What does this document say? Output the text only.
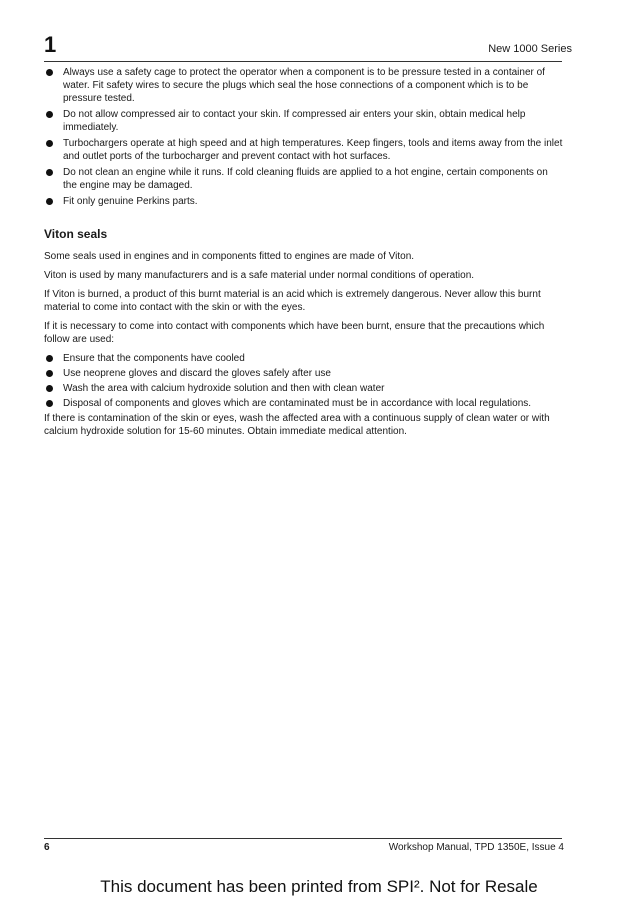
1	New 1000 Series
Always use a safety cage to protect the operator when a component is to be pressure tested in a container of water. Fit safety wires to secure the plugs which seal the hose connections of a component which is to be pressure tested.
Do not allow compressed air to contact your skin. If compressed air enters your skin, obtain medical help immediately.
Turbochargers operate at high speed and at high temperatures. Keep fingers, tools and items away from the inlet and outlet ports of the turbocharger and prevent contact with hot surfaces.
Do not clean an engine while it runs. If cold cleaning fluids are applied to a hot engine, certain components on the engine may be damaged.
Fit only genuine Perkins parts.
Viton seals

Some seals used in engines and in components fitted to engines are made of Viton.

Viton is used by many manufacturers and is a safe material under normal conditions of operation.

If Viton is burned, a product of this burnt material is an acid which is extremely dangerous. Never allow this burnt material to come into contact with the skin or with the eyes.

If it is necessary to come into contact with components which have been burnt, ensure that the precautions which follow are used:

Ensure that the components have cooled
Use neoprene gloves and discard the gloves safely after use
Wash the area with calcium hydroxide solution and then with clean water
Disposal of components and gloves which are contaminated must be in accordance with local regulations.

If there is contamination of the skin or eyes, wash the affected area with a continuous supply of clean water or with calcium hydroxide solution for 15-60 minutes. Obtain immediate medical attention.

6	Workshop Manual, TPD 1350E, Issue 4
This document has been printed from SPI². Not for Resale
